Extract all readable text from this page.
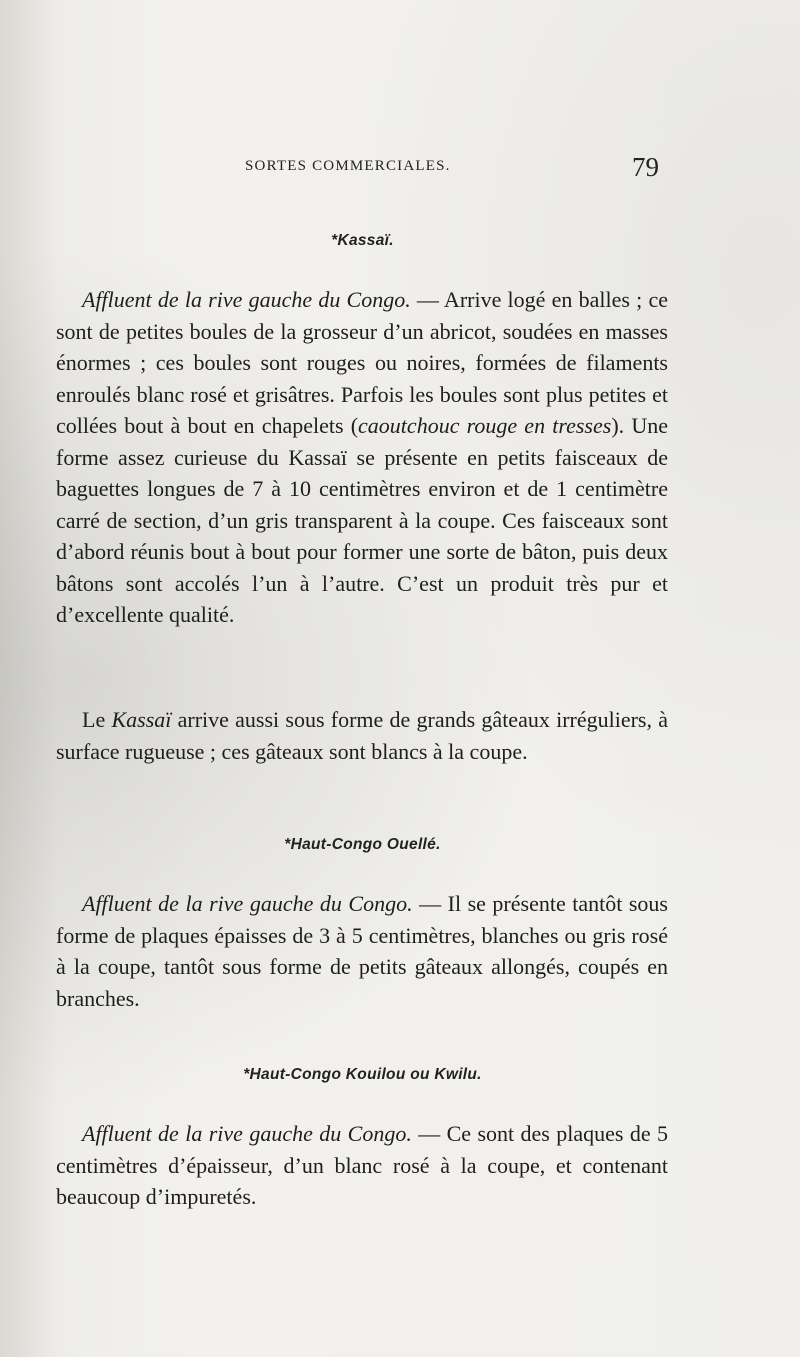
SORTES COMMERCIALES.	79
*Kassaï.

Affluent de la rive gauche du Congo. — Arrive logé en balles ; ce sont de petites boules de la grosseur d’un abricot, soudées en masses énormes ; ces boules sont rouges ou noires, formées de filaments enroulés blanc rosé et grisâtres. Parfois les boules sont plus petites et collées bout à bout en chapelets (caoutchouc rouge en tresses). Une forme assez curieuse du Kassaï se présente en petits faisceaux de baguettes longues de 7 à 10 centimètres environ et de 1 centimètre carré de section, d’un gris transparent à la coupe. Ces faisceaux sont d’abord réunis bout à bout pour former une sorte de bâton, puis deux bâtons sont accolés l’un à l’autre. C’est un produit très pur et d’excellente qualité.

Le Kassaï arrive aussi sous forme de grands gâteaux irréguliers, à surface rugueuse ; ces gâteaux sont blancs à la coupe.

*Haut-Congo Ouellé.

Affluent de la rive gauche du Congo. — Il se présente tantôt sous forme de plaques épaisses de 3 à 5 centimètres, blanches ou gris rosé à la coupe, tantôt sous forme de petits gâteaux allongés, coupés en branches.

*Haut-Congo Kouilou ou Kwilu.

Affluent de la rive gauche du Congo. — Ce sont des plaques de 5 centimètres d’épaisseur, d’un blanc rosé à la coupe, et contenant beaucoup d’impuretés.
